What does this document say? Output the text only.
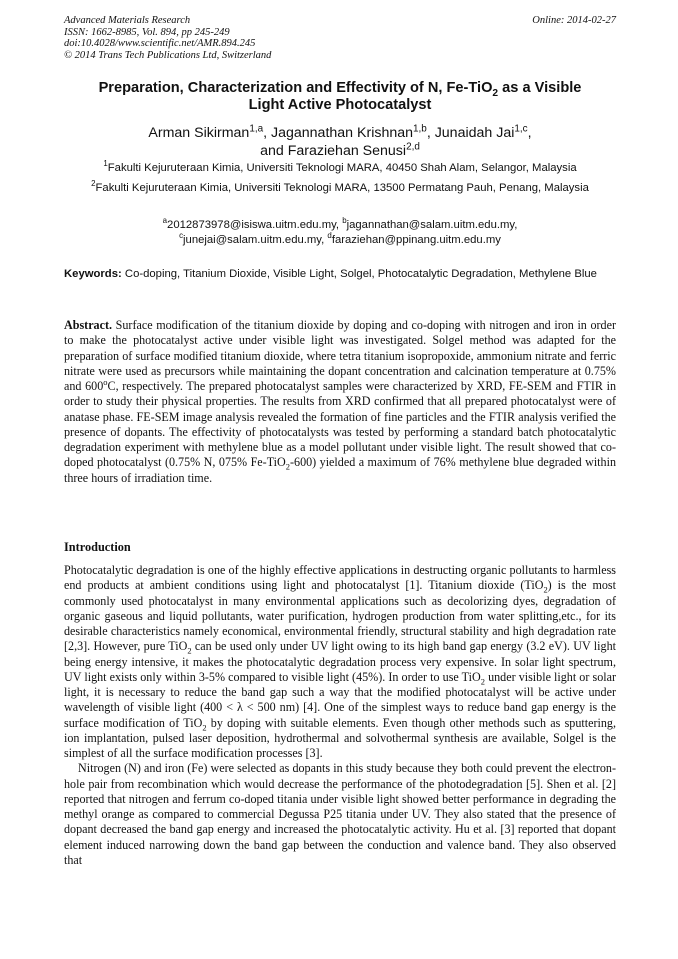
Advanced Materials Research
ISSN: 1662-8985, Vol. 894, pp 245-249
doi:10.4028/www.scientific.net/AMR.894.245
© 2014 Trans Tech Publications Ltd, Switzerland
Online: 2014-02-27
Preparation, Characterization and Effectivity of N, Fe-TiO$_2$ as a Visible Light Active Photocatalyst
Arman Sikirman$^{1,a}$, Jagannathan Krishnan$^{1,b}$, Junaidah Jai$^{1,c}$,
and Faraziehan Senusi$^{2,d}$
$^1$Fakulti Kejuruteraan Kimia, Universiti Teknologi MARA, 40450 Shah Alam, Selangor, Malaysia
$^2$Fakulti Kejuruteraan Kimia, Universiti Teknologi MARA, 13500 Permatang Pauh, Penang, Malaysia
$^a$2012873978@isiswa.uitm.edu.my, $^b$jagannathan@salam.uitm.edu.my,
$^c$junejai@salam.uitm.edu.my, $^d$faraziehan@ppinang.uitm.edu.my
Keywords: Co-doping, Titanium Dioxide, Visible Light, Solgel, Photocatalytic Degradation, Methylene Blue

Abstract. Surface modification of the titanium dioxide by doping and co-doping with nitrogen and iron in order to make the photocatalyst active under visible light was investigated. Solgel method was adapted for the preparation of surface modified titanium dioxide, where tetra titanium isopropoxide, ammonium nitrate and ferric nitrate were used as precursors while maintaining the dopant concentration and calcination temperature at 0.75% and 600$^o$C, respectively. The prepared photocatalyst samples were characterized by XRD, FE-SEM and FTIR in order to study their physical properties. The results from XRD confirmed that all prepared photocatalyst were of anatase phase. FE-SEM image analysis revealed the formation of fine particles and the FTIR analysis verified the presence of dopants. The effectivity of photocatalysts was tested by performing a standard batch photocatalytic degradation experiment with methylene blue as a model pollutant under visible light. The result showed that co-doped photocatalyst (0.75% N, 075% Fe-TiO$_2$-600) yielded a maximum of 76% methylene blue degraded within three hours of irradiation time.

Introduction

Photocatalytic degradation is one of the highly effective applications in destructing organic pollutants to harmless end products at ambient conditions using light and photocatalyst [1]. Titanium dioxide (TiO$_2$) is the most commonly used photocatalyst in many environmental applications such as decolorizing dyes, degradation of organic gaseous and liquid pollutants, water purification, hydrogen production from water splitting,etc., for its desirable characteristics namely economical, environmental friendly, structural stability and high degradation rate [2,3]. However, pure TiO$_2$ can be used only under UV light owing to its high band gap energy (3.2 eV). UV light being energy intensive, it makes the photocatalytic degradation process very expensive. In solar light spectrum, UV light exists only within 3-5% compared to visible light (45%). In order to use TiO$_2$ under visible light or solar light, it is necessary to reduce the band gap such a way that the modified photocatalyst will be active under wavelength of visible light (400 < λ < 500 nm) [4]. One of the simplest ways to reduce band gap energy is the surface modification of TiO$_2$ by doping with suitable elements. Even though other methods such as sputtering, ion implantation, pulsed laser deposition, hydrothermal and solvothermal synthesis are available, Solgel is the simplest of all the surface modification processes [3].

Nitrogen (N) and iron (Fe) were selected as dopants in this study because they both could prevent the electron-hole pair from recombination which would decrease the performance of the photodegradation [5]. Shen et al. [2] reported that nitrogen and ferrum co-doped titania under visible light showed better performance in degrading the methyl orange as compared to commercial Degussa P25 titania under UV. They also stated that the presence of dopant decreased the band gap energy and increased the photocatalytic activity. Hu et al. [3] reported that dopant element induced narrowing down the band gap between the conduction and valence band. They also observed that
